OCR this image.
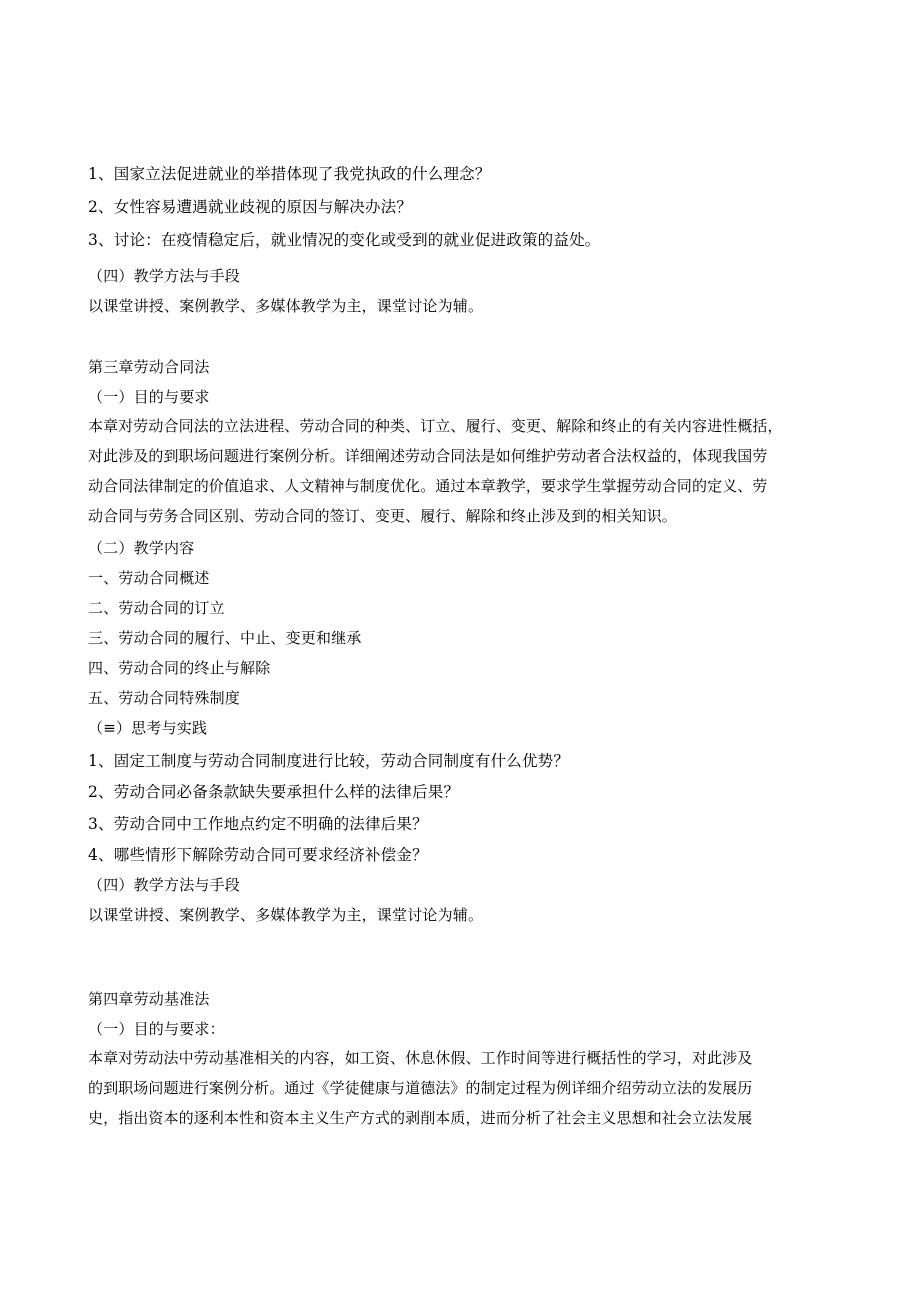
1、国家立法促进就业的举措体现了我党执政的什么理念？
2、女性容易遭遇就业歧视的原因与解决办法？
3、讨论：在疫情稳定后，就业情况的变化或受到的就业促进政策的益处。
（四）教学方法与手段
以课堂讲授、案例教学、多媒体教学为主，课堂讨论为辅。
第三章劳动合同法
（一）目的与要求
本章对劳动合同法的立法进程、劳动合同的种类、订立、履行、变更、解除和终止的有关内容进性概括，
对此涉及的到职场问题进行案例分析。详细阐述劳动合同法是如何维护劳动者合法权益的，体现我国劳
动合同法律制定的价值追求、人文精神与制度优化。通过本章教学，要求学生掌握劳动合同的定义、劳
动合同与劳务合同区别、劳动合同的签订、变更、履行、解除和终止涉及到的相关知识。
（二）教学内容
一、劳动合同概述
二、劳动合同的订立
三、劳动合同的履行、中止、变更和继承
四、劳动合同的终止与解除
五、劳动合同特殊制度
（≡）思考与实践
1、固定工制度与劳动合同制度进行比较，劳动合同制度有什么优势？
2、劳动合同必备条款缺失要承担什么样的法律后果？
3、劳动合同中工作地点约定不明确的法律后果？
4、哪些情形下解除劳动合同可要求经济补偿金？
（四）教学方法与手段
以课堂讲授、案例教学、多媒体教学为主，课堂讨论为辅。
第四章劳动基准法
（一）目的与要求：
本章对劳动法中劳动基准相关的内容，如工资、休息休假、工作时间等进行概括性的学习，对此涉及
的到职场问题进行案例分析。通过《学徒健康与道德法》的制定过程为例详细介绍劳动立法的发展历
史，指出资本的逐利本性和资本主义生产方式的剥削本质，进而分析了社会主义思想和社会立法发展
